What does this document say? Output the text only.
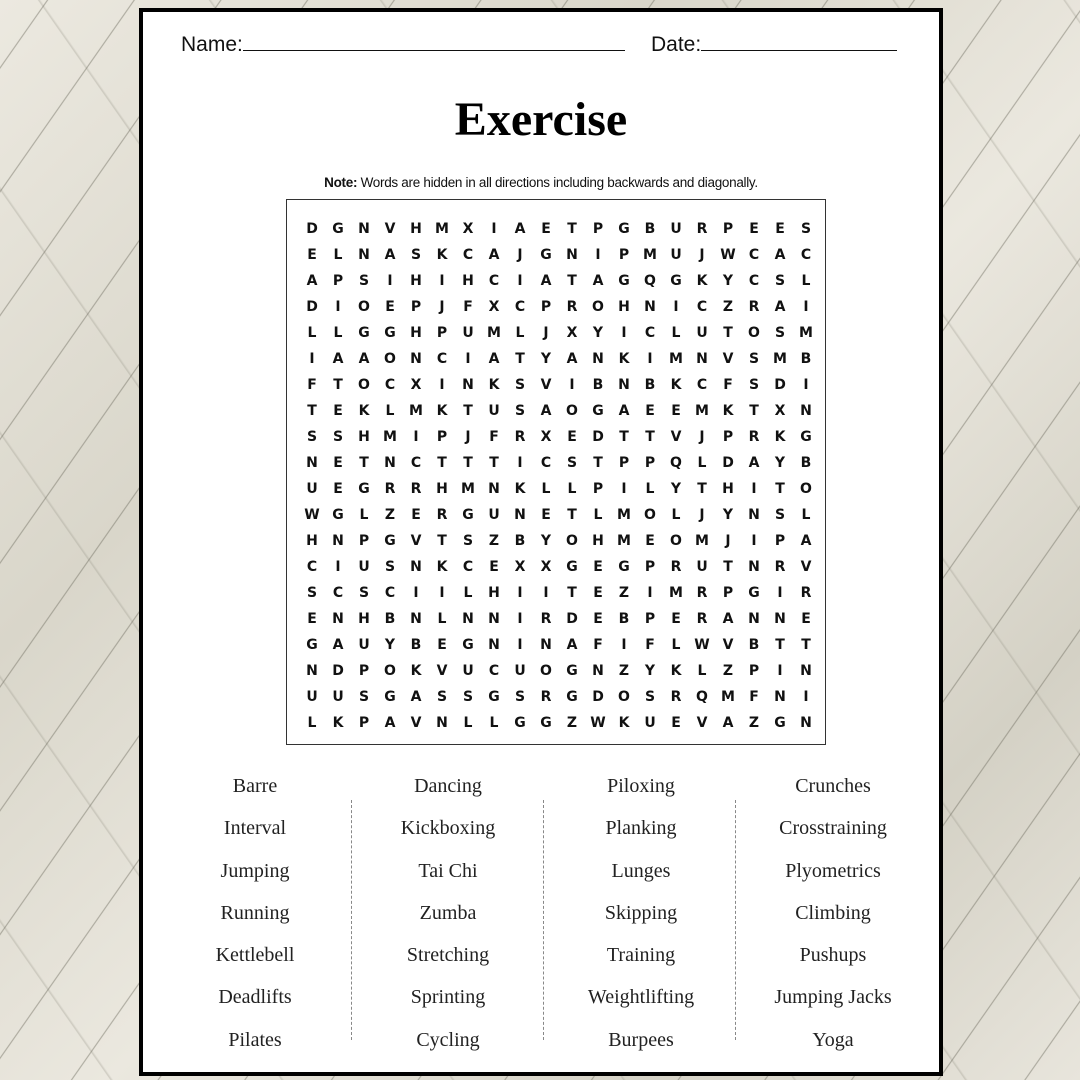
Name:	Date:
Exercise
Note: Words are hidden in all directions including backwards and diagonally.
D	G	N	V	H M X	I	A	E	T	P	G	B	U	R	P	E	E	S
E	L	N	A	S	K	C	A	J	G	N	I	P M U	J	W C	A	C
A	P	S	I	H	I	H	C	I	A	T	A	G	Q	G	K	Y	C	S	L
D	I	O	E	P	J	F	X	C	P	R	O	H	N	I	C	Z	R	A	I
L	L	G	G	H	P	U M	L	J	X	Y	I	C	L	U	T	O	S M
I	A	A	O	N	C	I	A	T	Y	A	N	K	I	M N	V	S M B
F	T	O	C	X	I	N	K	S	V	I	B	N	B	K	C	F	S	D	I
T	E	K	L	M K	T	U	S	A	O	G	A	E	E	M K	T	X	N
S	S	H M	I	P	J	F	R	X	E	D	T	T	V	J	P	R	K	G
N	E	T	N	C	T	T	T	I	C	S	T	P	P	Q	L	D	A	Y	B
U	E	G	R	R	H M N	K	L	L	P	I	L	Y	T	H	I	T	O
W G	L	Z	E	R	G	U	N	E	T	L	M O	L	J	Y	N	S	L
H	N	P	G	V	T	S	Z	B	Y	O	H M	E	O M	J	I	P	A
C	I	U	S	N	K	C	E	X	X	G	E	G	P	R	U	T	N	R	V
S	C	S	C	I	I	L	H	I	I	T	E	Z	I	M R	P	G	I	R
E	N	H	B	N	L	N	N	I	R	D	E	B	P	E	R	A	N	N	E
G	A	U	Y	B	E	G	N	I	N	A	F	I	F	L W V	B	T	T
N	D	P	O	K	V	U	C	U	O	G	N	Z	Y	K	L	Z	P	I	N
U	U	S	G	A	S	S	G	S	R	G	D	O	S	R	Q M	F	N	I
L	K	P	A	V	N	L	L	G	G	Z W K	U	E	V	A	Z	G	N
Barre
Interval
Jumping
Running
Kettlebell
Deadlifts
Pilates
Dancing
Kickboxing
Tai Chi
Zumba
Stretching
Sprinting
Cycling
Piloxing
Planking
Lunges
Skipping
Training
Weightlifting
Burpees
Crunches
Crosstraining
Plyometrics
Climbing
Pushups
Jumping Jacks
Yoga
